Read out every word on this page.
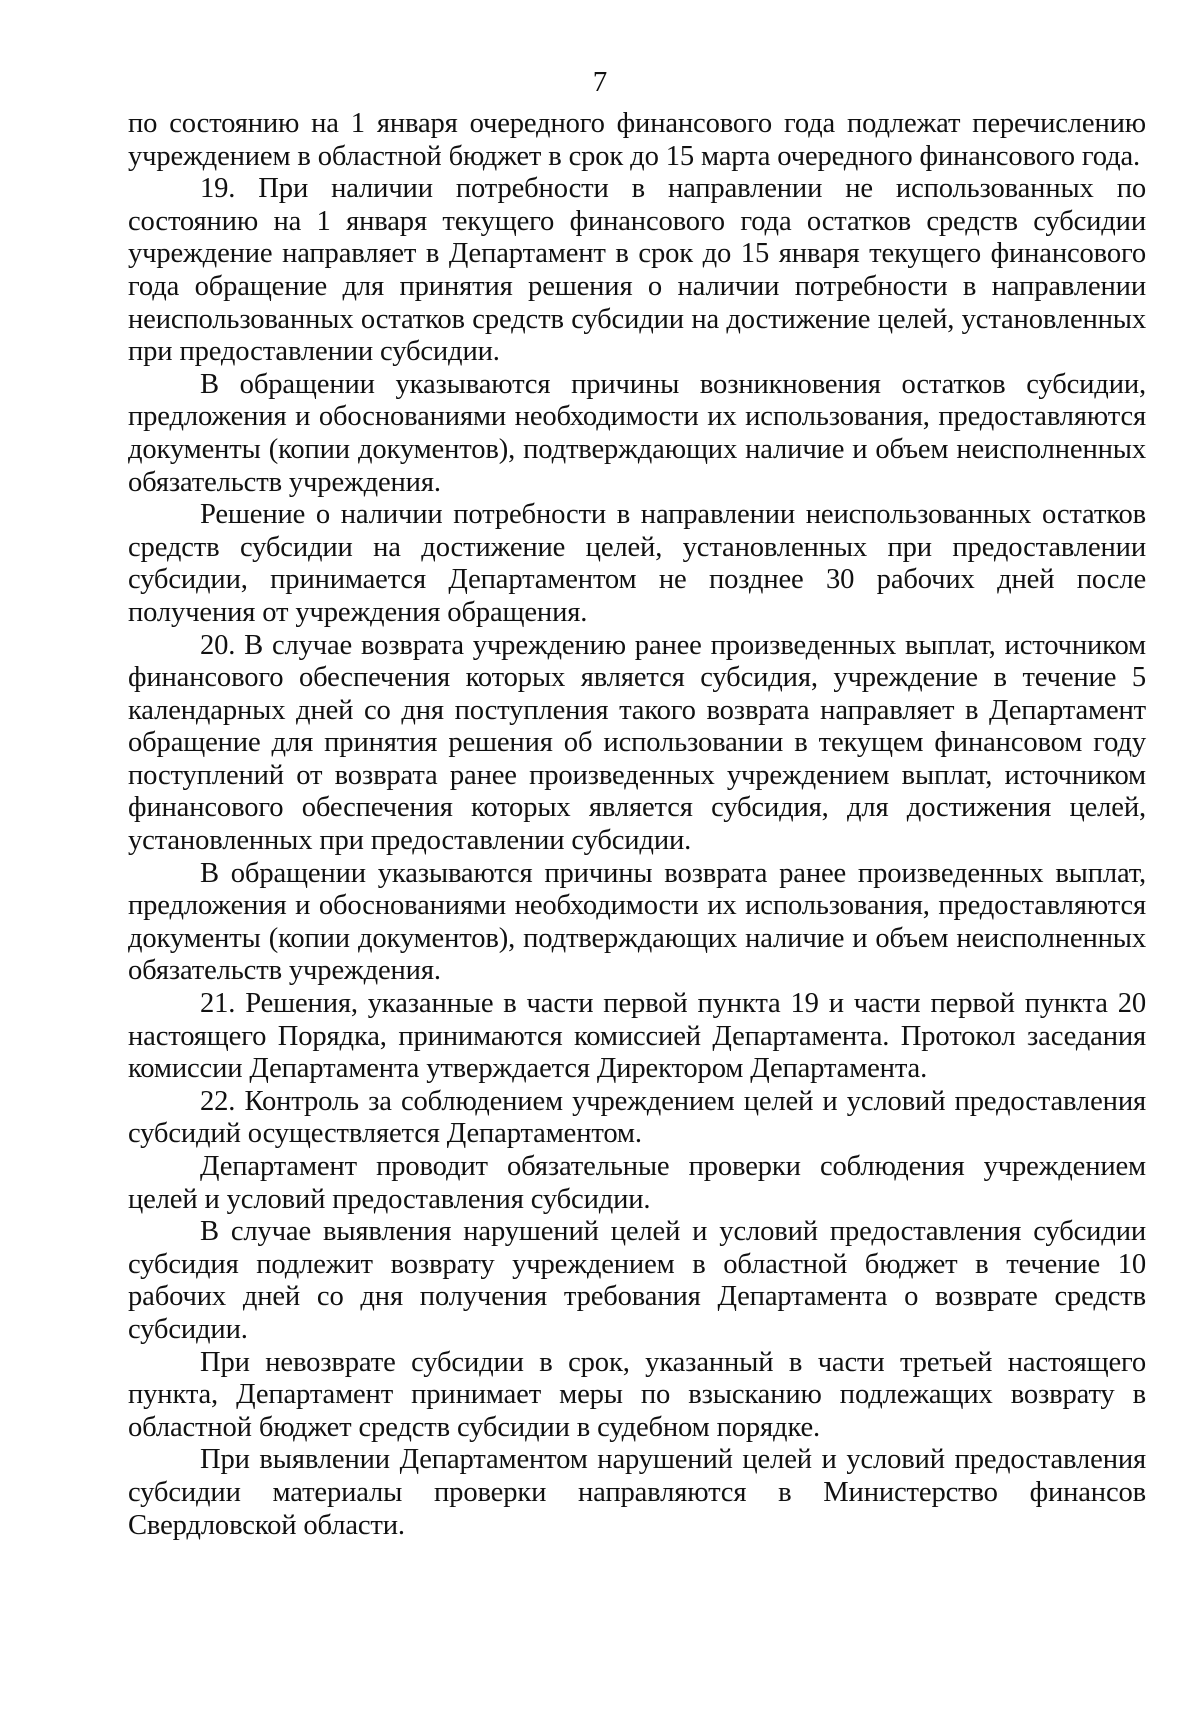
7

по состоянию на 1 января очередного финансового года подлежат перечислению учреждением в областной бюджет в срок до 15 марта очередного финансового года.

19. При наличии потребности в направлении не использованных по состоянию на 1 января текущего финансового года остатков средств субсидии учреждение направляет в Департамент в срок до 15 января текущего финансового года обращение для принятия решения о наличии потребности в направлении неиспользованных остатков средств субсидии на достижение целей, установленных при предоставлении субсидии.

В обращении указываются причины возникновения остатков субсидии, предложения и обоснованиями необходимости их использования, предоставляются документы (копии документов), подтверждающих наличие и объем неисполненных обязательств учреждения.

Решение о наличии потребности в направлении неиспользованных остатков средств субсидии на достижение целей, установленных при предоставлении субсидии, принимается Департаментом не позднее 30 рабочих дней после получения от учреждения обращения.

20. В случае возврата учреждению ранее произведенных выплат, источником финансового обеспечения которых является субсидия, учреждение в течение 5 календарных дней со дня поступления такого возврата направляет в Департамент обращение для принятия решения об использовании в текущем финансовом году поступлений от возврата ранее произведенных учреждением выплат, источником финансового обеспечения которых является субсидия, для достижения целей, установленных при предоставлении субсидии.

В обращении указываются причины возврата ранее произведенных выплат, предложения и обоснованиями необходимости их использования, предоставляются документы (копии документов), подтверждающих наличие и объем неисполненных обязательств учреждения.

21. Решения, указанные в части первой пункта 19 и части первой пункта 20 настоящего Порядка, принимаются комиссией Департамента. Протокол заседания комиссии Департамента утверждается Директором Департамента.

22. Контроль за соблюдением учреждением целей и условий предоставления субсидий осуществляется Департаментом.

Департамент проводит обязательные проверки соблюдения учреждением целей и условий предоставления субсидии.

В случае выявления нарушений целей и условий предоставления субсидии субсидия подлежит возврату учреждением в областной бюджет в течение 10 рабочих дней со дня получения требования Департамента о возврате средств субсидии.

При невозврате субсидии в срок, указанный в части третьей настоящего пункта, Департамент принимает меры по взысканию подлежащих возврату в областной бюджет средств субсидии в судебном порядке.

При выявлении Департаментом нарушений целей и условий предоставления субсидии материалы проверки направляются в Министерство финансов Свердловской области.
